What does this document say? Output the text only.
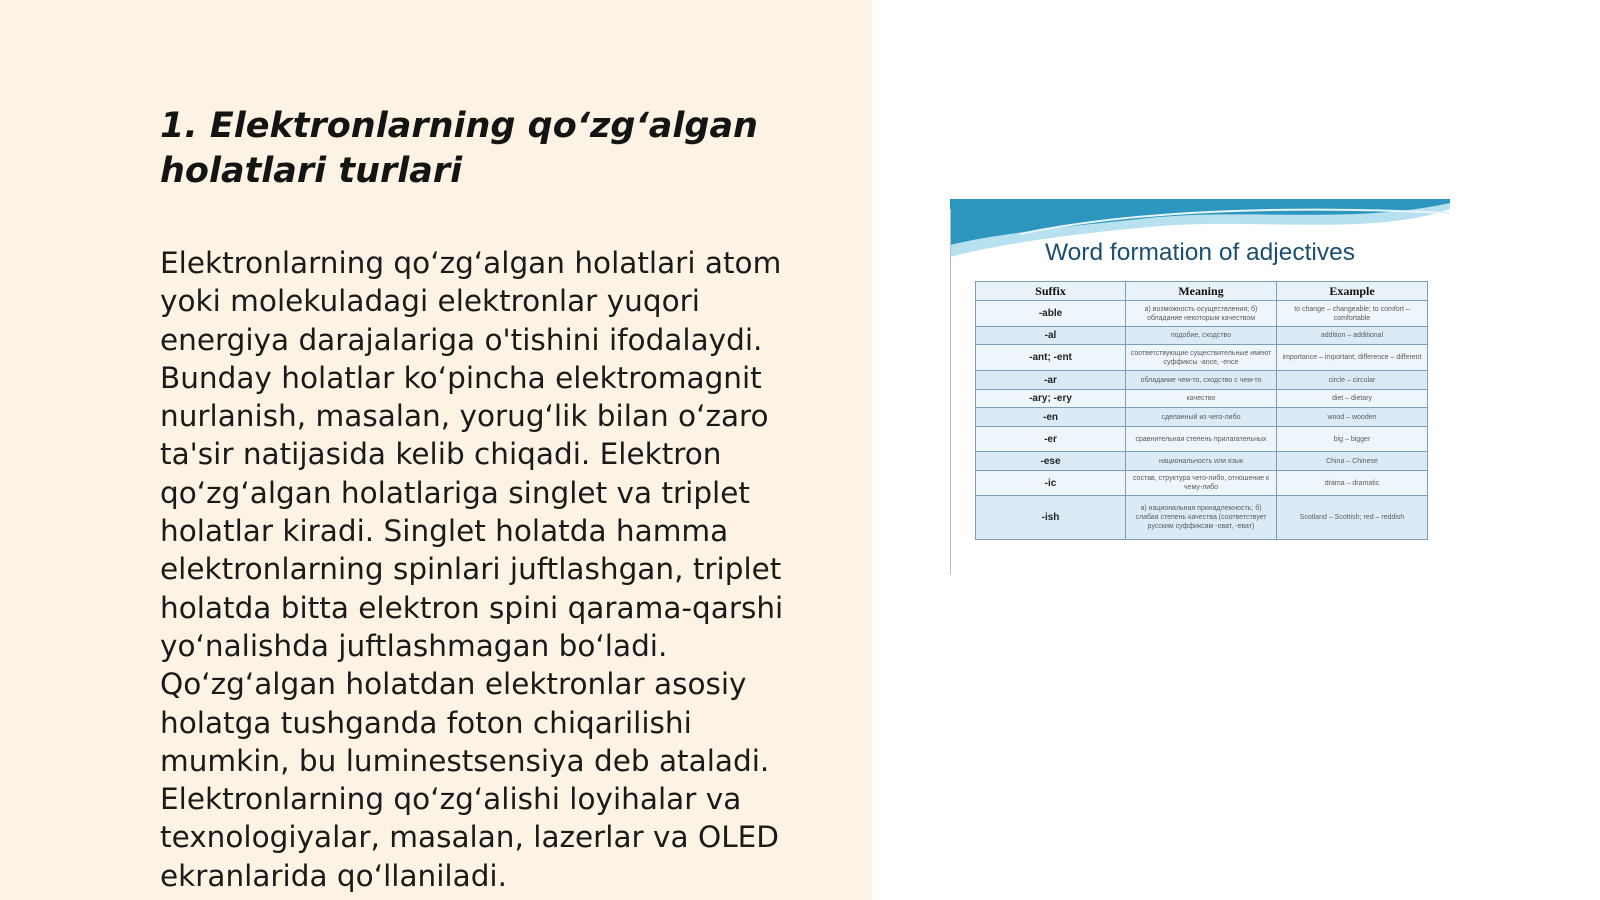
1. Elektronlarning qo‘zg‘algan holatlari turlari

Elektronlarning qo‘zg‘algan holatlari atom yoki molekuladagi elektronlar yuqori energiya darajalariga o'tishini ifodalaydi. Bunday holatlar ko‘pincha elektromagnit nurlanish, masalan, yorug‘lik bilan o‘zaro ta'sir natijasida kelib chiqadi. Elektron qo‘zg‘algan holatlariga singlet va triplet holatlar kiradi. Singlet holatda hamma elektronlarning spinlari juftlashgan, triplet holatda bitta elektron spini qarama-qarshi yo‘nalishda juftlashmagan bo‘ladi. Qo‘zg‘algan holatdan elektronlar asosiy holatga tushganda foton chiqarilishi mumkin, bu luminestsensiya deb ataladi. Elektronlarning qo‘zg‘alishi loyihalar va texnologiyalar, masalan, lazerlar va OLED ekranlarida qo‘llaniladi.

Word formation of adjectives
Suffix	Meaning	Example
-able	а) возможность осуществления; б) обладание некоторым качеством	to change – changeable; to comfort – comfortable
-al	подобие, сходство	addition – additional
-ant; -ent	соответствующие существительные имеют суффиксы -ance, -ence	importance – important; difference – different
-ar	обладание чем-то, сходство с чем-то	circle – circular
-ary; -ery	качество	diet – dietary
-en	сделанный из чего-либо	wood – wooden
-er	сравнительная степень прилагательных	big – bigger
-ese	национальность или язык	China – Chinese
-ic	состав, структура чего-либо, отношение к чему-либо	drama – dramatic
-ish	а) национальная принадлежность; б) слабая степень качества (соответствует русским суффиксам -оват, -еват)	Scotland – Scottish; red – reddish
